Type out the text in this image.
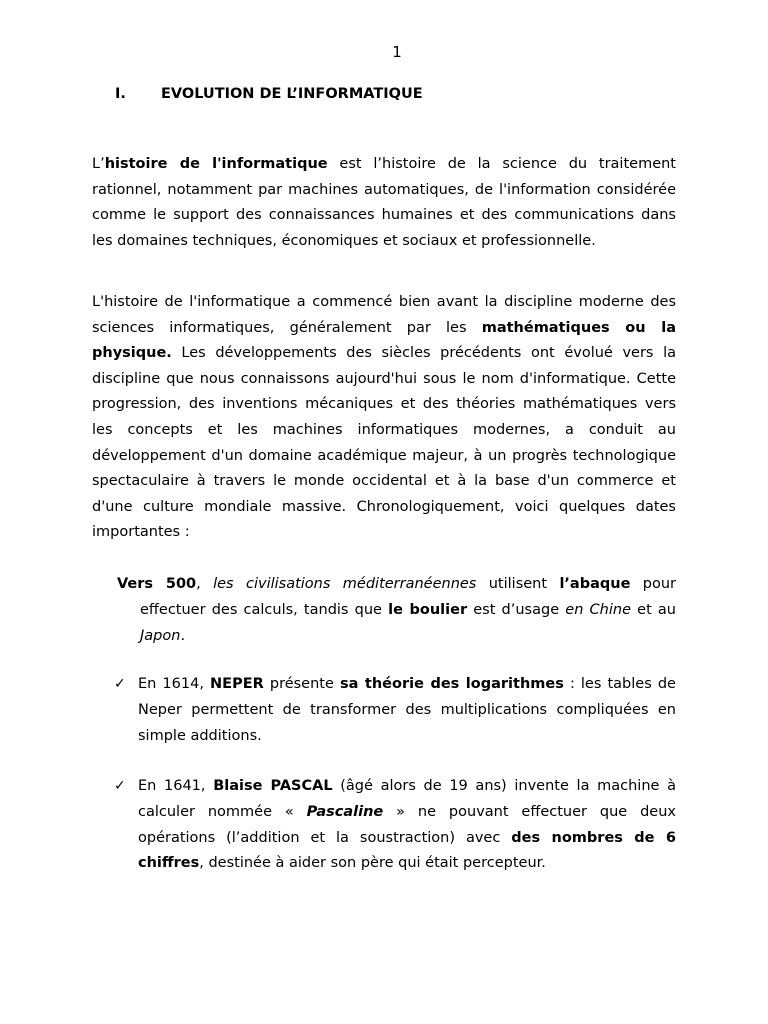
1
I. EVOLUTION DE L’INFORMATIQUE
L’histoire de l'informatique est l’histoire de la science du traitement rationnel, notamment par machines automatiques, de l'information considérée comme le support des connaissances humaines et des communications dans les domaines techniques, économiques et sociaux et professionnelle.
L'histoire de l'informatique a commencé bien avant la discipline moderne des sciences informatiques, généralement par les mathématiques ou la physique. Les développements des siècles précédents ont évolué vers la discipline que nous connaissons aujourd'hui sous le nom d'informatique. Cette progression, des inventions mécaniques et des théories mathématiques vers les concepts et les machines informatiques modernes, a conduit au développement d'un domaine académique majeur, à un progrès technologique spectaculaire à travers le monde occidental et à la base d'un commerce et d'une culture mondiale massive. Chronologiquement, voici quelques dates importantes :
Vers 500, les civilisations méditerranéennes utilisent l’abaque pour effectuer des calculs, tandis que le boulier est d’usage en Chine et au Japon.
✓ En 1614, NEPER présente sa théorie des logarithmes : les tables de Neper permettent de transformer des multiplications compliquées en simple additions.
✓ En 1641, Blaise PASCAL (âgé alors de 19 ans) invente la machine à calculer nommée « Pascaline » ne pouvant effectuer que deux opérations (l’addition et la soustraction) avec des nombres de 6 chiffres, destinée à aider son père qui était percepteur.
